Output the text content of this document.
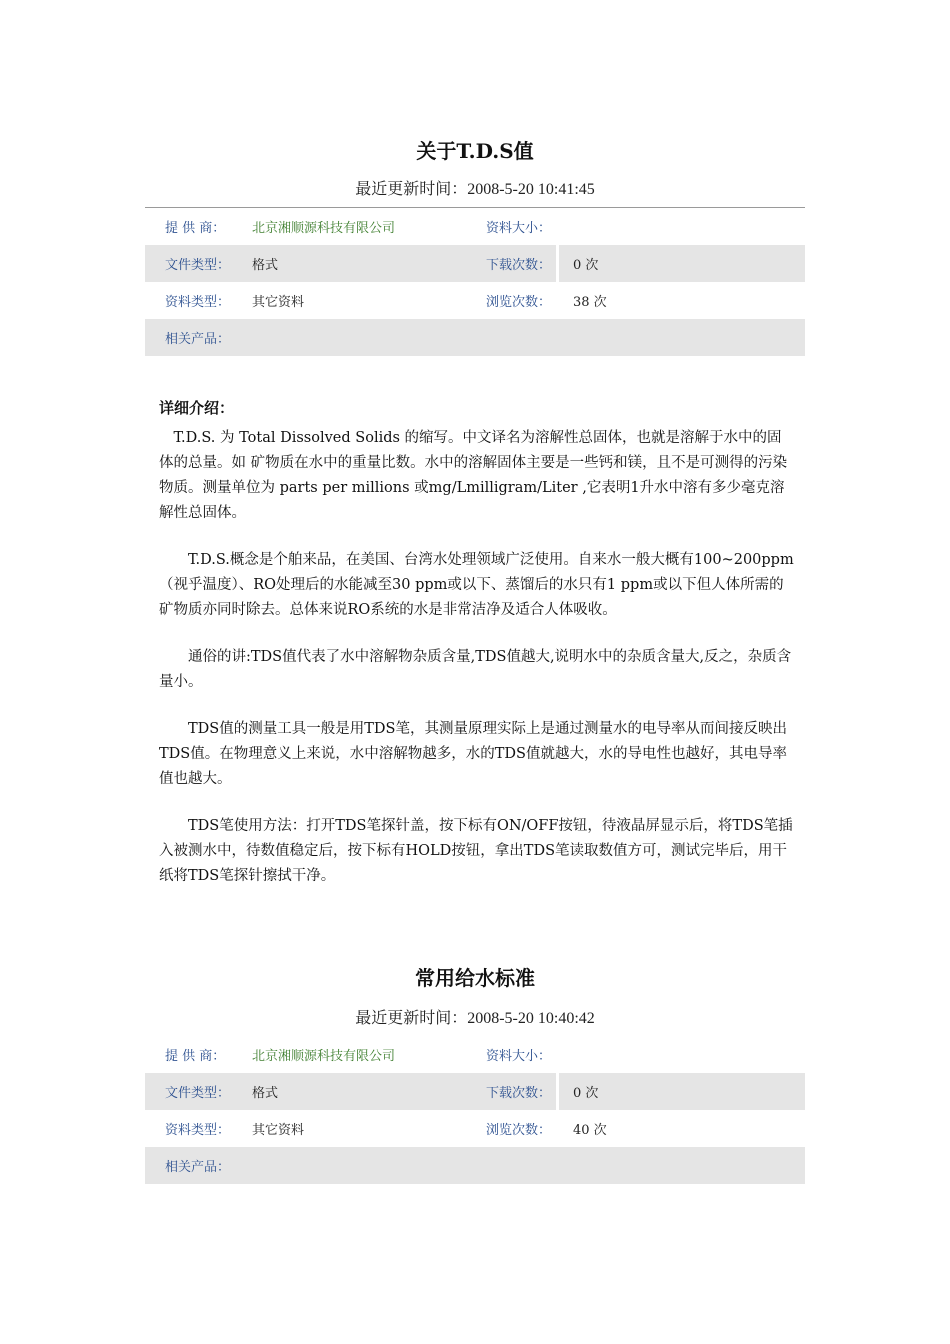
关于T.D.S值
最近更新时间：2008-5-20 10:41:45
提 供 商：	北京湘顺源科技有限公司	资料大小：		
文件类型：	格式	下载次数：		0 次
资料类型：	其它资料	浏览次数：		38 次
相关产品：				
详细介绍：

T.D.S. 为 Total Dissolved Solids 的缩写。中文译名为溶解性总固体，也就是溶解于水中的固体的总量。如 矿物质在水中的重量比数。水中的溶解固体主要是一些钙和镁，且不是可测得的污染物质。测量单位为 parts per millions 或mg/Lmilligram/Liter ,它表明1升水中溶有多少毫克溶解性总固体。

T.D.S.概念是个舶来品，在美国、台湾水处理领域广泛使用。自来水一般大概有100~200ppm （视乎温度）、RO处理后的水能减至30 ppm或以下、蒸馏后的水只有1 ppm或以下但人体所需的矿物质亦同时除去。总体来说RO系统的水是非常洁净及适合人体吸收。

通俗的讲:TDS值代表了水中溶解物杂质含量,TDS值越大,说明水中的杂质含量大,反之，杂质含量小。

TDS值的测量工具一般是用TDS笔，其测量原理实际上是通过测量水的电导率从而间接反映出TDS值。在物理意义上来说，水中溶解物越多，水的TDS值就越大，水的导电性也越好，其电导率值也越大。

TDS笔使用方法：打开TDS笔探针盖，按下标有ON/OFF按钮，待液晶屏显示后，将TDS笔插入被测水中，待数值稳定后，按下标有HOLD按钮，拿出TDS笔读取数值方可，测试完毕后，用干纸将TDS笔探针擦拭干净。

常用给水标准
最近更新时间：2008-5-20 10:40:42
提 供 商：	北京湘顺源科技有限公司	资料大小：		
文件类型：	格式	下载次数：		0 次
资料类型：	其它资料	浏览次数：		40 次
相关产品：				
